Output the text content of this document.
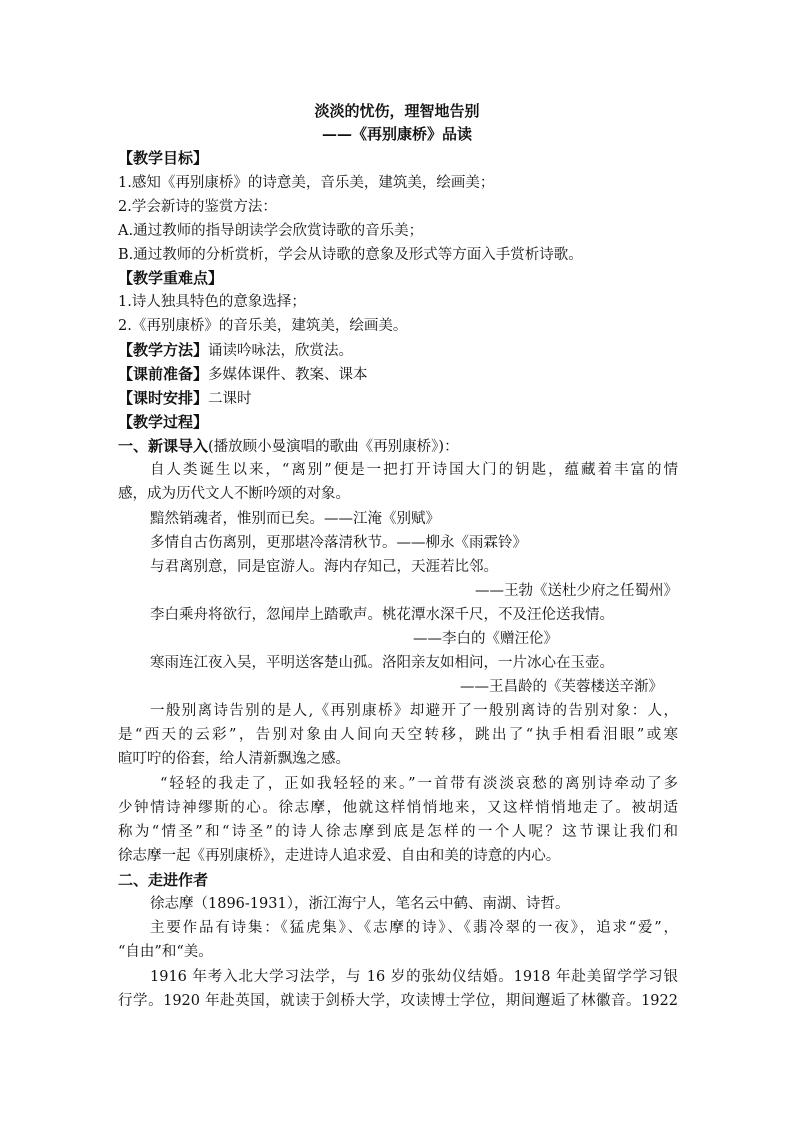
淡淡的忧伤，理智地告别
——《再别康桥》品读
【教学目标】
1.感知《再别康桥》的诗意美，音乐美，建筑美，绘画美；
2.学会新诗的鉴赏方法：
A.通过教师的指导朗读学会欣赏诗歌的音乐美；
B.通过教师的分析赏析，学会从诗歌的意象及形式等方面入手赏析诗歌。
【教学重难点】
1.诗人独具特色的意象选择；
2.《再别康桥》的音乐美，建筑美，绘画美。
【教学方法】诵读吟咏法，欣赏法。
【课前准备】多媒体课件、教案、课本
【课时安排】二课时
【教学过程】
一、新课导入(播放顾小曼演唱的歌曲《再别康桥》)：
自人类诞生以来，“离别”便是一把打开诗国大门的钥匙，蕴藏着丰富的情
感，成为历代文人不断吟颂的对象。
黯然销魂者，惟别而已矣。——江淹《别赋》
多情自古伤离别，更那堪冷落清秋节。——柳永《雨霖铃》
与君离别意，同是宦游人。海内存知己，天涯若比邻。
——王勃《送杜少府之任蜀州》
李白乘舟将欲行，忽闻岸上踏歌声。桃花潭水深千尺，不及汪伦送我情。
——李白的《赠汪伦》
寒雨连江夜入吴，平明送客楚山孤。洛阳亲友如相问，一片冰心在玉壶。
——王昌龄的《芙蓉楼送辛渐》
一般别离诗告别的是人,《再别康桥》却避开了一般别离诗的告别对象：人，
是“西天的云彩”，告别对象由人间向天空转移，跳出了“执手相看泪眼”或寒
暄叮咛的俗套，给人清新飘逸之感。
“轻轻的我走了，正如我轻轻的来。”一首带有淡淡哀愁的离别诗牵动了多
少钟情诗神缪斯的心。徐志摩，他就这样悄悄地来，又这样悄悄地走了。被胡适
称为“情圣”和“诗圣”的诗人徐志摩到底是怎样的一个人呢？这节课让我们和
徐志摩一起《再别康桥》，走进诗人追求爱、自由和美的诗意的内心。
二、走进作者
徐志摩（1896-1931），浙江海宁人，笔名云中鹤、南湖、诗哲。
主要作品有诗集：《猛虎集》、《志摩的诗》、《翡冷翠的一夜》，追求“爱”，
“自由”和“美。
1916 年考入北大学习法学，与 16 岁的张幼仪结婚。1918 年赴美留学学习银
行学。1920 年赴英国，就读于剑桥大学，攻读博士学位，期间邂逅了林徽音。1922
